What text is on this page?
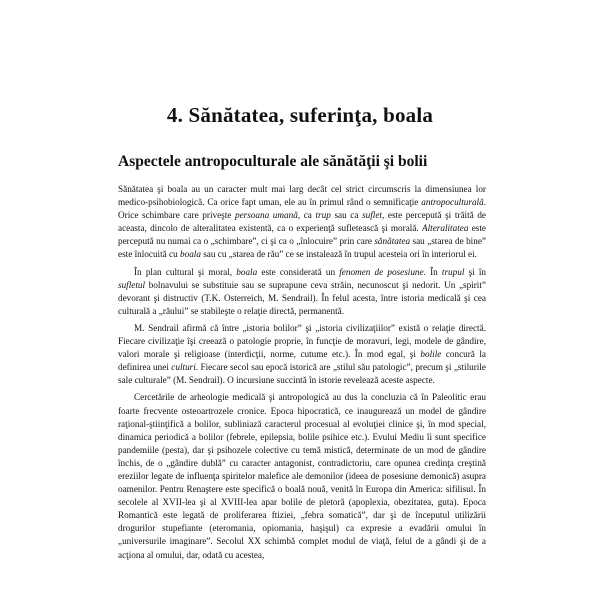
4. Sănătatea, suferinţa, boala
Aspectele antropoculturale ale sănătăţii şi bolii

Sănătatea şi boala au un caracter mult mai larg decât cel strict circumscris la dimensiunea lor medico-psihobiologică. Ca orice fapt uman, ele au în primul rând o semnificaţie antropoculturală. Orice schimbare care priveşte persoana umană, ca trup sau ca suflet, este percepută şi trăită de aceasta, dincolo de alteralitatea existentă, ca o experienţă sufletească şi morală. Alteralitatea este percepută nu numai ca o „schimbare”, ci şi ca o „înlocuire” prin care sănătatea sau „starea de bine” este înlocuită cu boala sau cu „starea de rău” ce se instalează în trupul acesteia ori în interiorul ei.

În plan cultural şi moral, boala este considerată un fenomen de posesiune. În trupul şi în sufletul bolnavului se substituie sau se suprapune ceva străin, necunoscut şi nedorit. Un „spirit” devorant şi distructiv (T.K. Osterreich, M. Sendrail). În felul acesta, între istoria medicală şi cea culturală a „răului” se stabileşte o relaţie directă, permanentă.

M. Sendrail afirmă că între „istoria bolilor” şi „istoria civilizaţiilor” există o relaţie directă. Fiecare civilizaţie îşi creează o patologie proprie, în funcţie de moravuri, legi, modele de gândire, valori morale şi religioase (interdicţii, norme, cutume etc.). În mod egal, şi bolile concură la definirea unei culturi. Fiecare secol sau epocă istorică are „stilul său patologic”, precum şi „stilurile sale culturale” (M. Sendrail). O incursiune succintă în istorie revelează aceste aspecte.

Cercetările de arheologie medicală şi antropologică au dus la concluzia că în Paleolitic erau foarte frecvente osteoartrozele cronice. Epoca hipocratică, ce inaugurează un model de gândire raţional-ştiinţifică a bolilor, subliniază caracterul procesual al evoluţiei clinice şi, în mod special, dinamica periodică a bolilor (febrele, epilepsia, bolile psihice etc.). Evului Mediu îi sunt specifice pandemiile (pesta), dar şi psihozele colective cu temă mistică, determinate de un mod de gândire închis, de o „gândire dublă” cu caracter antagonist, contradictoriu, care opunea credinţa creştină ereziilor legate de influenţa spiritelor malefice ale demonilor (ideea de posesiune demonică) asupra oamenilor. Pentru Renaştere este specifică o boală nouă, venită în Europa din America: sifilisul. În secolele al XVII-lea şi al XVIII-lea apar bolile de pletoră (apoplexia, obezitatea, guta). Epoca Romantică este legată de proliferarea ftiziei, „febra somatică”, dar şi de începutul utilizării drogurilor stupefiante (eteromania, opiomania, haşişul) ca expresie a evadării omului în „universurile imaginare”. Secolul XX schimbă complet modul de viaţă, felul de a gândi şi de a acţiona al omului, dar, odată cu acestea,
